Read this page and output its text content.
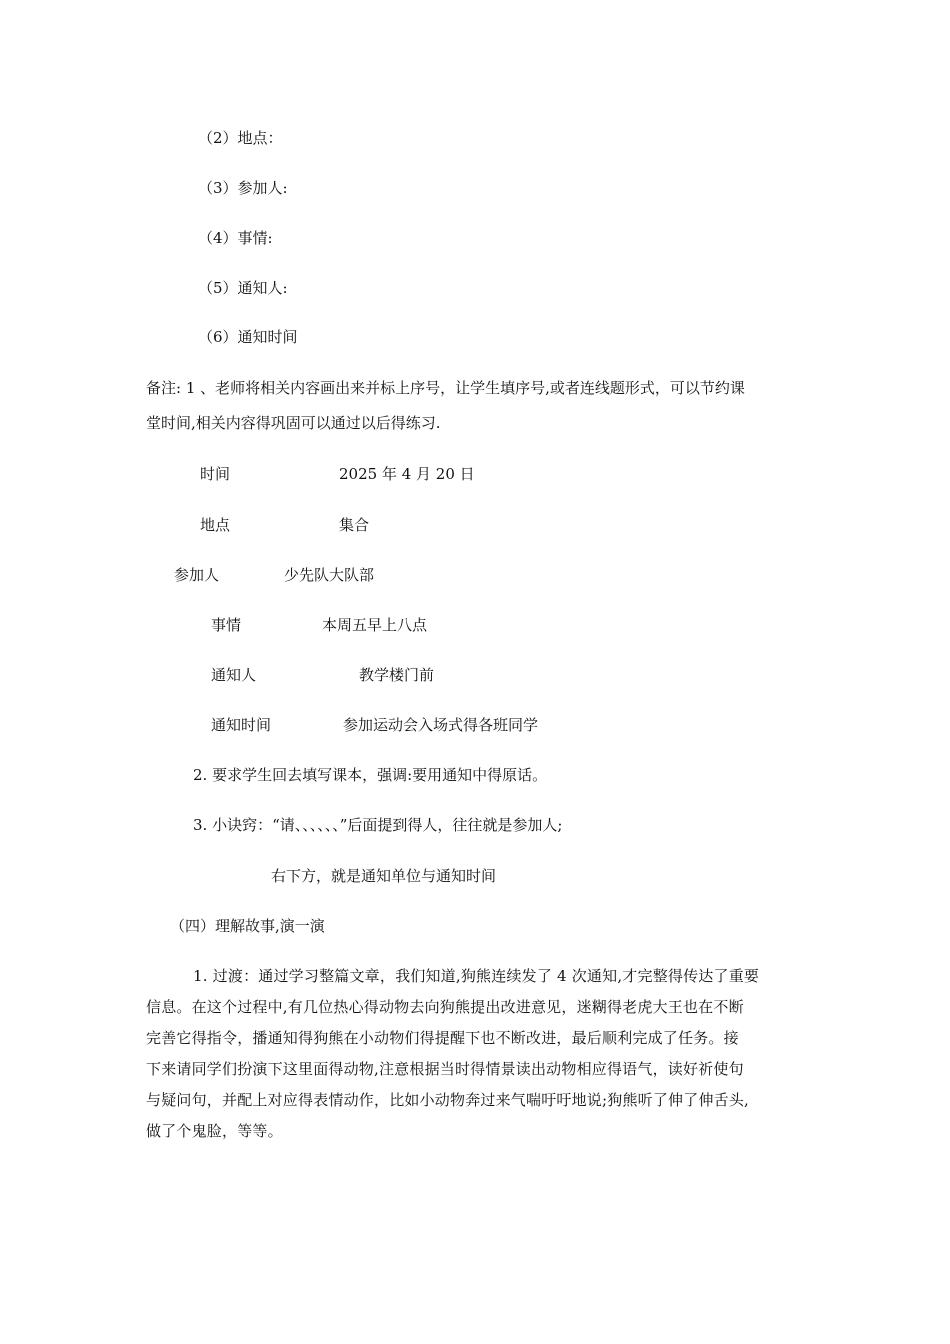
（2）地点：
（3）参加人:
（4）事情:
（5）通知人:
（6）通知时间
备注: 1 、老师将相关内容画出来并标上序号，让学生填序号,或者连线题形式，可以节约课
堂时间,相关内容得巩固可以通过以后得练习.
时间	2025 年 4 月 20 日
地点	集合
参加人	少先队大队部
事情	本周五早上八点
通知人	教学楼门前
通知时间	参加运动会入场式得各班同学
2. 要求学生回去填写课本，强调:要用通知中得原话。
3. 小诀窍：“请、、、、、、”后面提到得人，往往就是参加人;
右下方，就是通知单位与通知时间
（四）理解故事,演一演

1. 过渡：通过学习整篇文章，我们知道,狗熊连续发了 4 次通知,才完整得传达了重要

信息。在这个过程中,有几位热心得动物去向狗熊提出改进意见，迷糊得老虎大王也在不断

完善它得指令，播通知得狗熊在小动物们得提醒下也不断改进，最后顺利完成了任务。接

下来请同学们扮演下这里面得动物,注意根据当时得情景读出动物相应得语气，读好祈使句

与疑问句，并配上对应得表情动作，比如小动物奔过来气喘吁吁地说;狗熊听了伸了伸舌头,

做了个鬼脸，等等。
